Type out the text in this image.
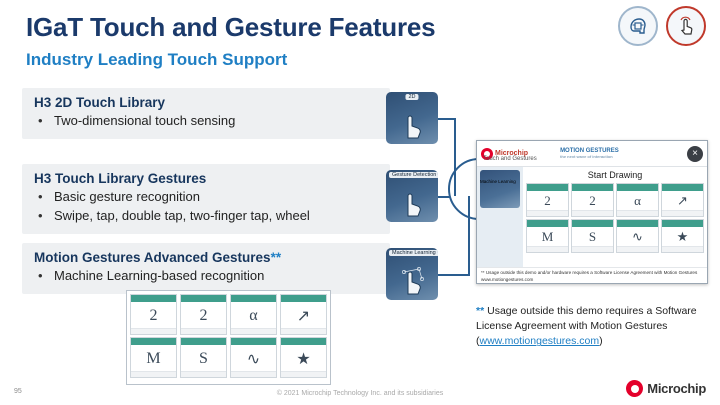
IGaT Touch and Gesture Features
Industry Leading Touch Support
H3 2D Touch Library
• Two-dimensional touch sensing
2D
H3 Touch Library Gestures
• Basic gesture recognition
• Swipe, tap, double tap, two-finger tap, wheel
Gesture Detection
Motion Gestures Advanced Gestures**
• Machine Learning-based recognition
Machine Learning
2	2	α	↗
M	S	∿	★
Microchip
Touch and Gestures
MOTION GESTURES
the next wave of interaction	×
Machine Learning
Start Drawing
2	2	α	↗
M	S	∿	★
** Usage outside this demo and/or hardware requires a Software License Agreement with Motion Gestures www.motiongestures.com
** Usage outside this demo requires a Software License Agreement with Motion Gestures (www.motiongestures.com)
95	© 2021 Microchip Technology Inc. and its subsidiaries	Microchip
